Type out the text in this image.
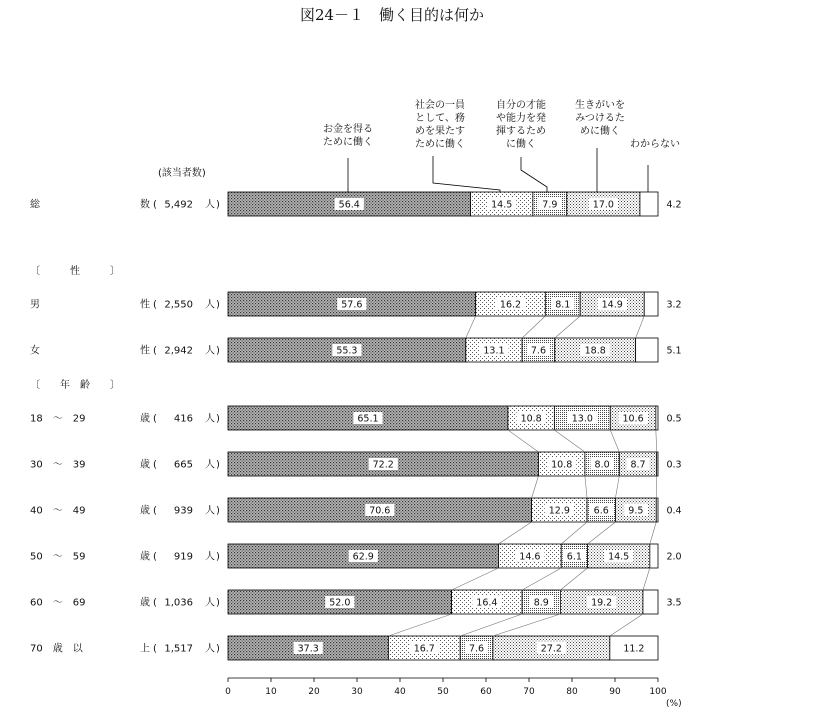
図24－１　働く目的は何か
(該当者数)
〔　　　性　　　〕
〔　　年　齢　　〕
お金を得る
ために働く
社会の一員
として、務
めを果たす
ために働く
自分の才能
や能力を発
揮するため
に働く
生きがいを
みつけるた
めに働く
わからない
総	数 ( 5,492 人 )	56.4	14.5	7.9	17.0	4.2
男	性 ( 2,550 人 )	57.6	16.2	8.1	14.9	3.2
女	性 ( 2,942 人 )	55.3	13.1	7.6	18.8	5.1
18　～　29	歳 ( 416 人 )	65.1	10.8	13.0	10.6 0.5
30　～　39	歳 ( 665 人 )	72.2	10.8 8.0 8.7 0.3
40　～　49	歳 ( 939 人 )	70.6	12.9	6.6 9.5 0.4
50　～　59	歳 ( 919 人 )	62.9	14.6	6.1	14.5	2.0
60　～　69	歳 ( 1,036 人 )	52.0	16.4	8.9	19.2	3.5
70　歳　以	上 ( 1,517 人 )	37.3	16.7	7.6	27.2	11.2
0	10	20	30	40	50	60	70	80	90	100
(%)
